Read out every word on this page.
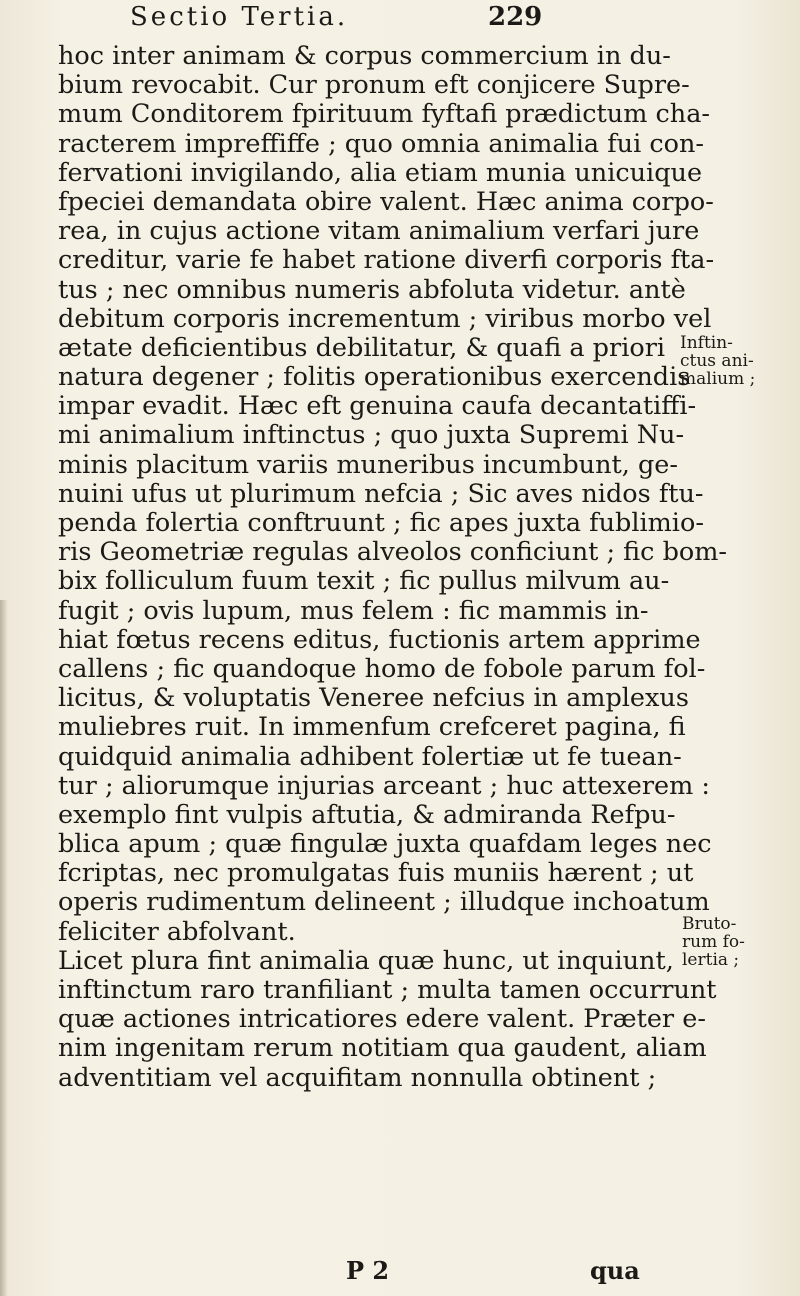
Sectio Tertia.	229
hoc inter animam & corpus commercium in du-
bium revocabit. Cur pronum eft conjicere Supre-
mum Conditorem fpirituum fyftafi prædictum cha-
racterem impreffiffe ; quo omnia animalia fui con-
fervationi invigilando, alia etiam munia unicuique
fpeciei demandata obire valent. Hæc anima corpo-
rea, in cujus actione vitam animalium verfari jure
creditur, varie fe habet ratione diverfi corporis fta-
tus ; nec omnibus numeris abfoluta videtur. antè
debitum corporis incrementum ; viribus morbo vel
ætate deficientibus debilitatur, & quafi a priori
natura degener ; folitis operationibus exercendis
impar evadit. Hæc eft genuina caufa decantatiffi-
mi animalium inftinctus ; quo juxta Supremi Nu-
minis placitum variis muneribus incumbunt, ge-
nuini ufus ut plurimum nefcia ; Sic aves nidos ftu-
penda folertia conftruunt ; fic apes juxta fublimio-
ris Geometriæ regulas alveolos conficiunt ; fic bom-
bix folliculum fuum texit ; fic pullus milvum au-
fugit ; ovis lupum, mus felem : fic mammis in-
hiat fœtus recens editus, fuctionis artem apprime
callens ; fic quandoque homo de fobole parum fol-
licitus, & voluptatis Veneree nefcius in amplexus
muliebres ruit. In immenfum crefceret pagina, fi
quidquid animalia adhibent folertiæ ut fe tuean-
tur ; aliorumque injurias arceant ; huc attexerem :
exemplo fint vulpis aftutia, & admiranda Refpu-
blica apum ; quæ fingulæ juxta quafdam leges nec
fcriptas, nec promulgatas fuis muniis hærent ; ut
operis rudimentum delineent ; illudque inchoatum
feliciter abfolvant.
Licet plura fint animalia quæ hunc, ut inquiunt,
inftinctum raro tranfiliant ; multa tamen occurrunt
quæ actiones intricatiores edere valent. Præter e-
nim ingenitam rerum notitiam qua gaudent, aliam
adventitiam vel acquifitam nonnulla obtinent ;
Inftin-
ctus ani-
malium ;
Bruto-
rum fo-
lertia ;
P 2	qua
